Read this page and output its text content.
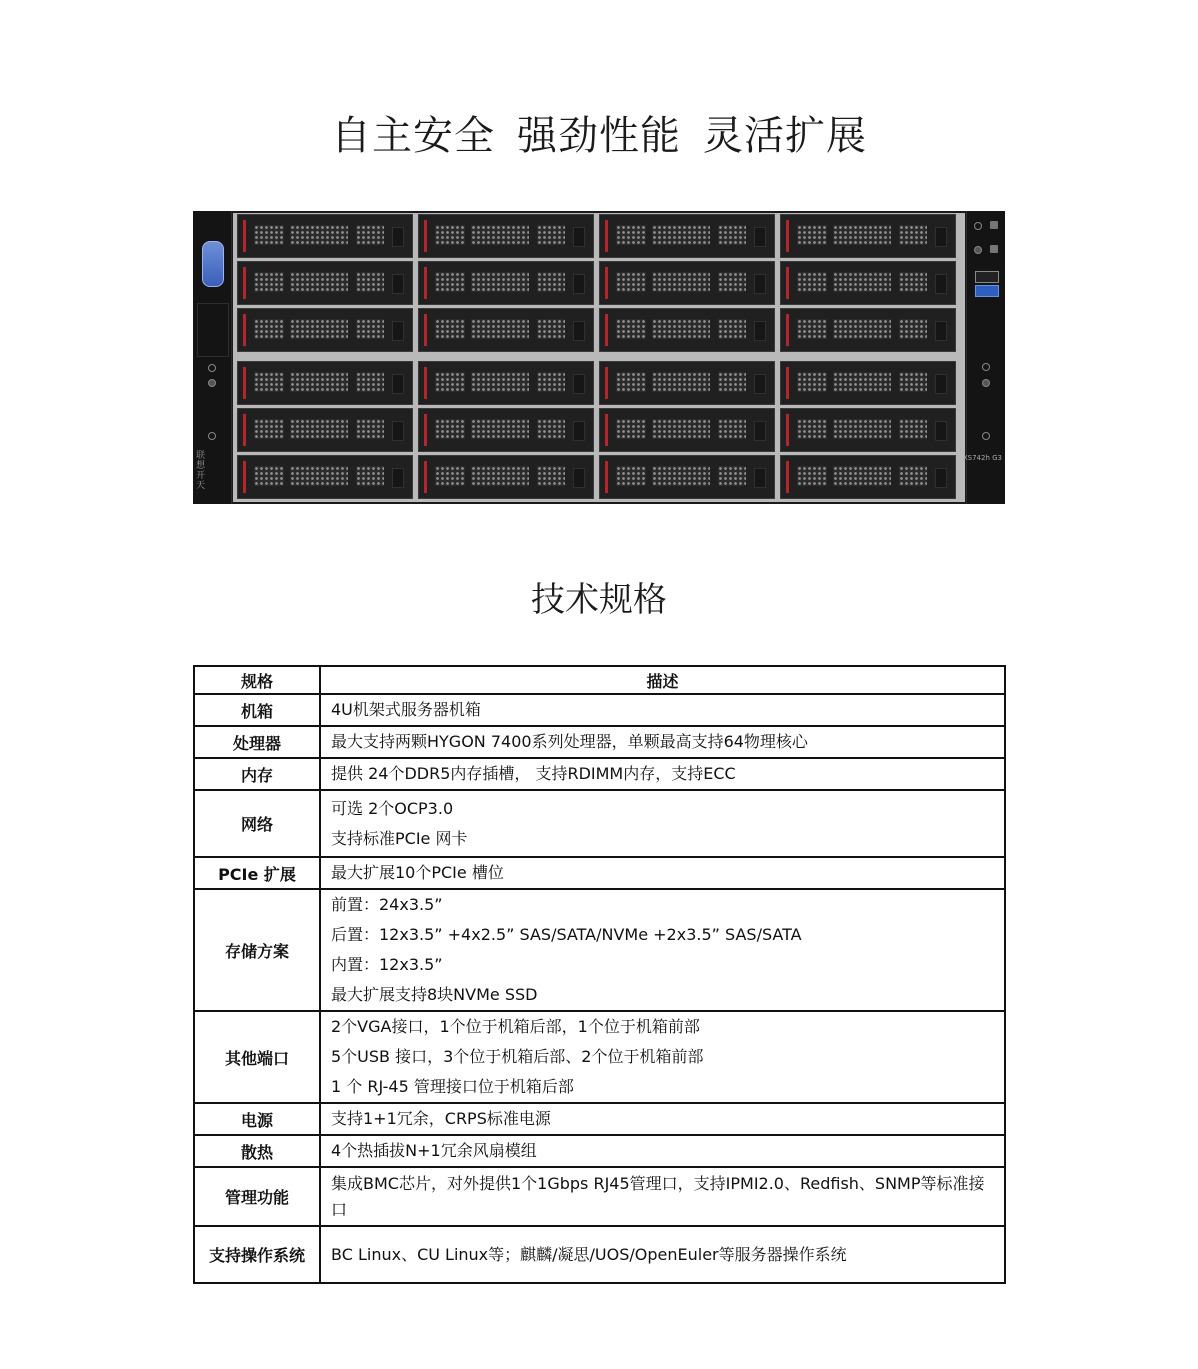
自主安全 强劲性能 灵活扩展
联想开天
XS742h G3
技术规格
规格	描述
机箱	4U机架式服务器机箱

处理器	最大支持两颗HYGON 7400系列处理器，单颗最高支持64物理核心

内存	提供 24个DDR5内存插槽， 支持RDIMM内存，支持ECC

网络	可选 2个OCP3.0
支持标准PCIe 网卡

PCIe 扩展	最大扩展10个PCIe 槽位

存储方案	前置：24x3.5”
后置：12x3.5” +4x2.5” SAS/SATA/NVMe +2x3.5” SAS/SATA
内置：12x3.5”
最大扩展支持8块NVMe SSD

其他端口	2个VGA接口，1个位于机箱后部，1个位于机箱前部
5个USB 接口，3个位于机箱后部、2个位于机箱前部
1 个 RJ-45 管理接口位于机箱后部

电源	支持1+1冗余，CRPS标准电源

散热	4个热插拔N+1冗余风扇模组

管理功能	集成BMC芯片，对外提供1个1Gbps RJ45管理口，支持IPMI2.0、Redfish、SNMP等标准接口

支持操作系统	BC Linux、CU Linux等；麒麟/凝思/UOS/OpenEuler等服务器操作系统
